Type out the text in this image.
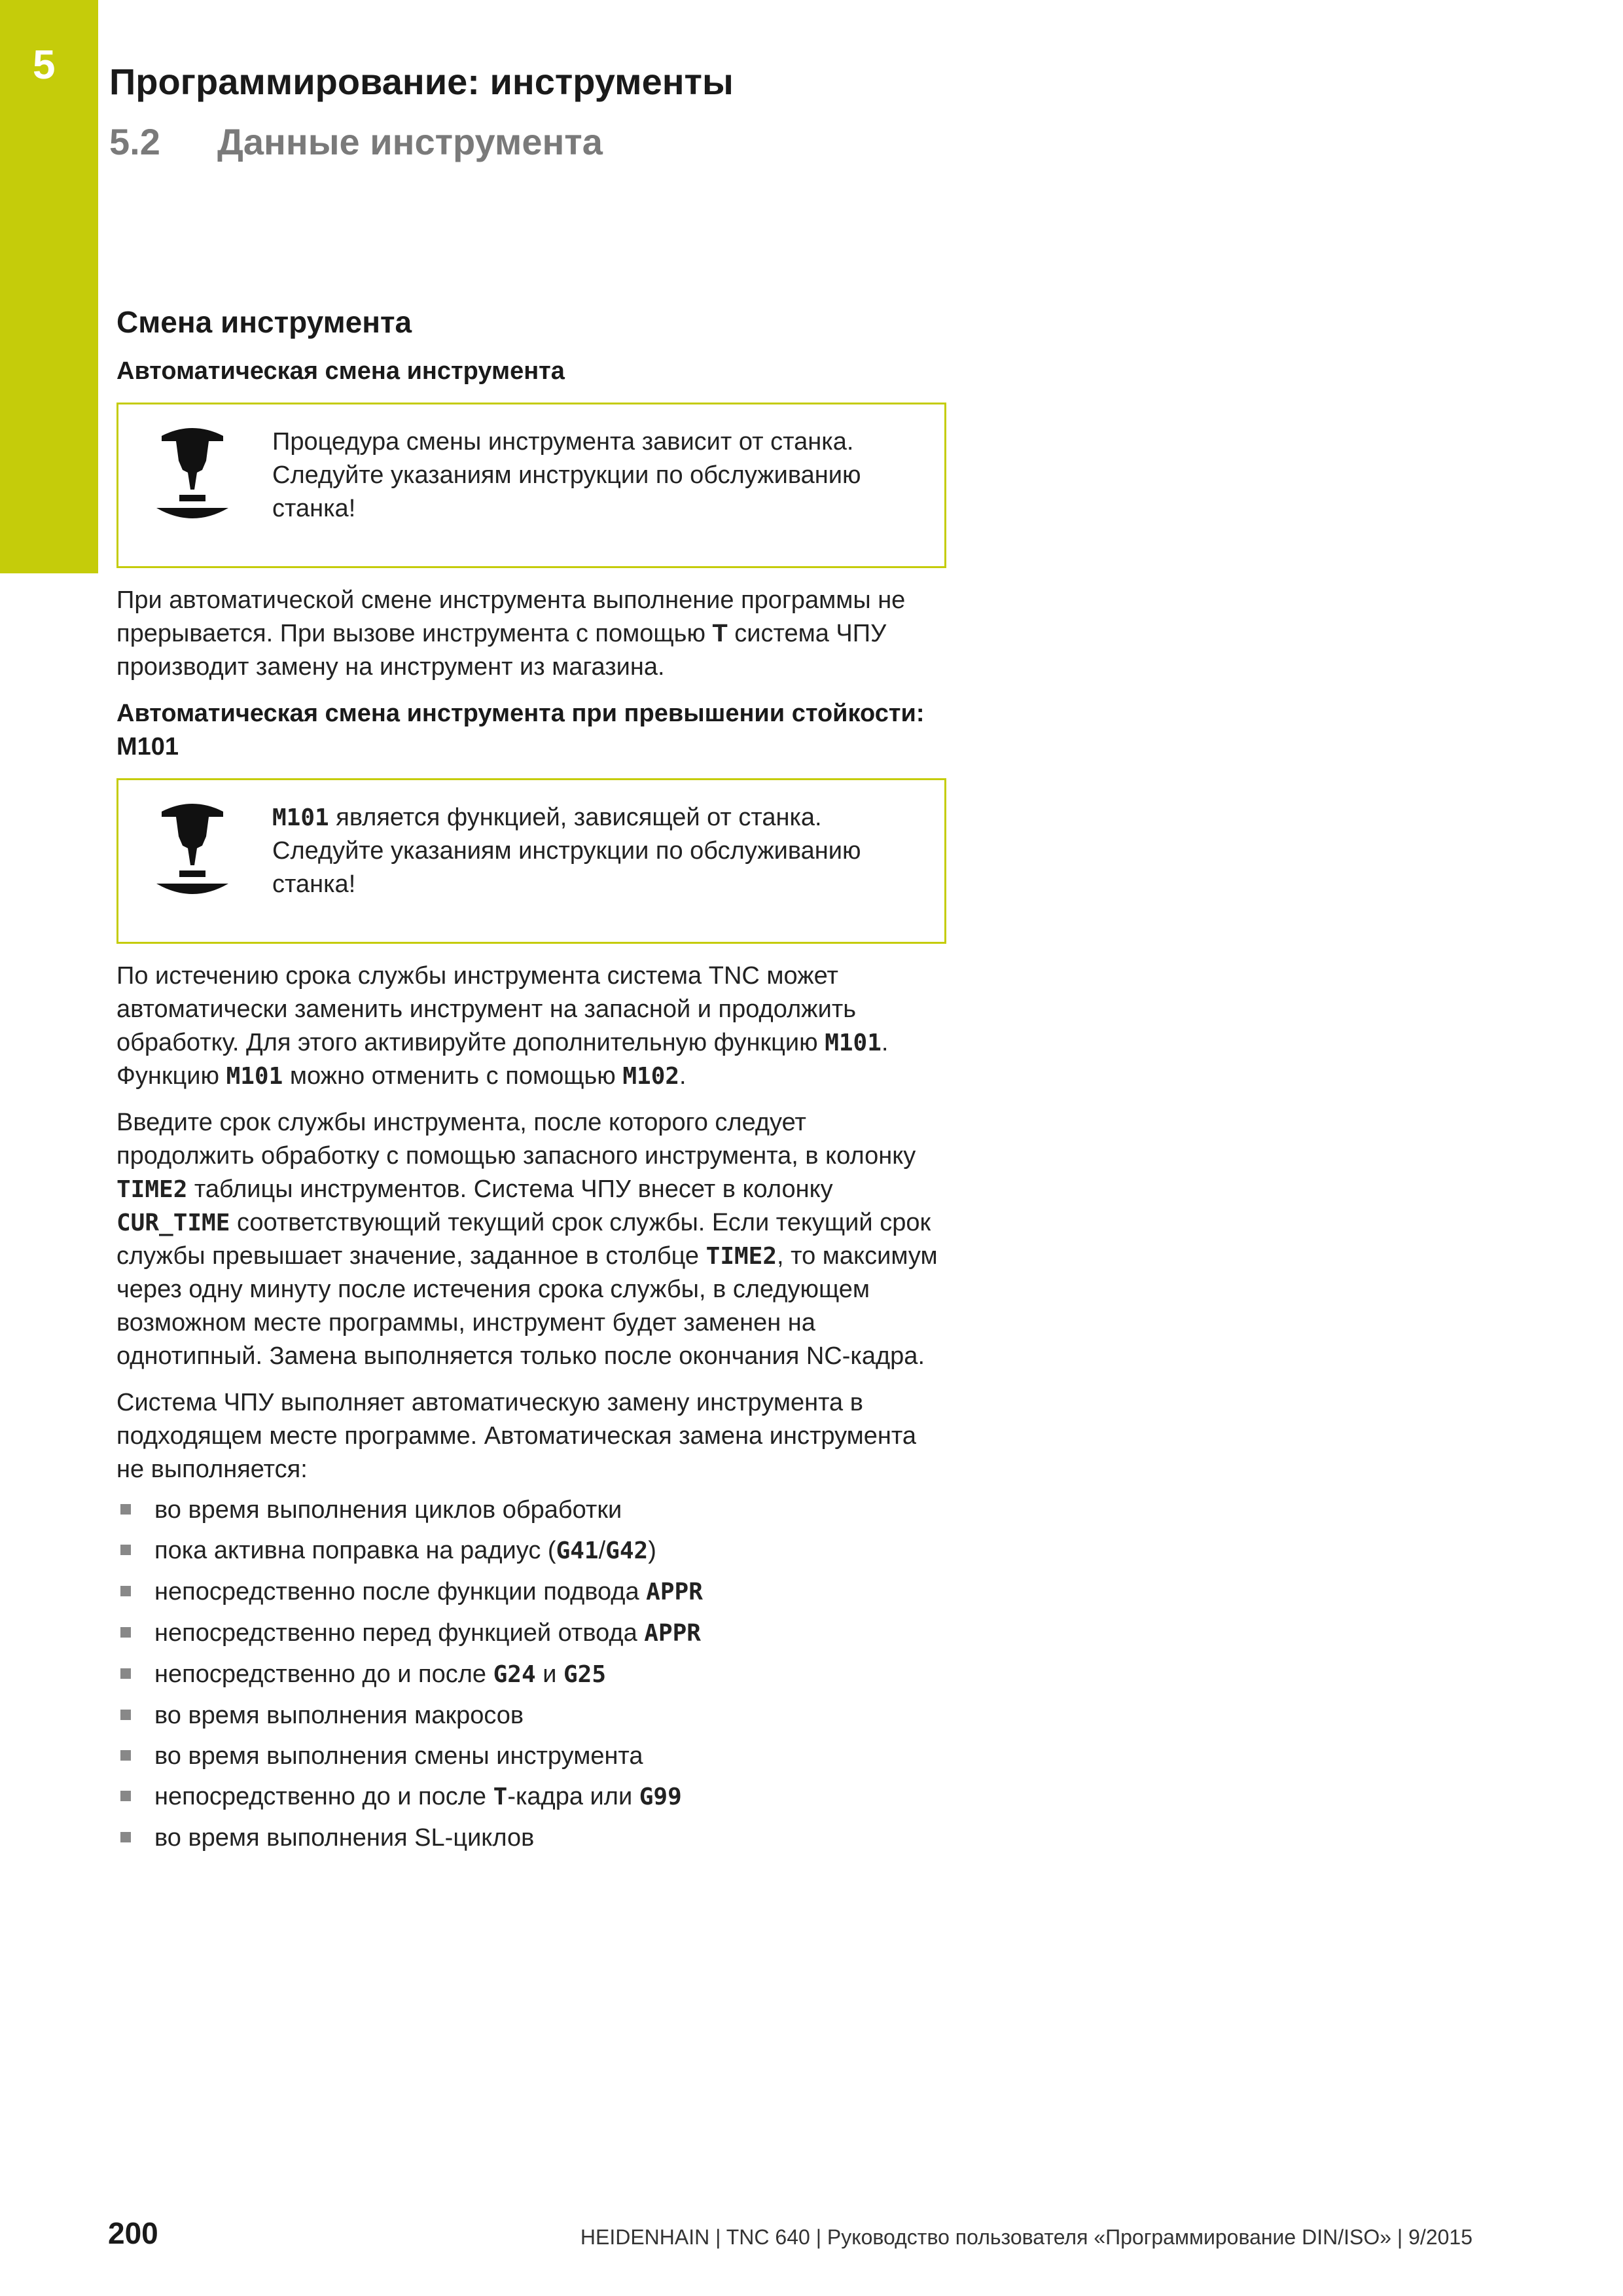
5 Программирование: инструменты
5.2 Данные инструмента
Смена инструмента
Автоматическая смена инструмента
Процедура смены инструмента зависит от станка. Следуйте указаниям инструкции по обслуживанию станка!

При автоматической смене инструмента выполнение программы не прерывается. При вызове инструмента с помощью T система ЧПУ производит замену на инструмент из магазина.

Автоматическая смена инструмента при превышении стойкости: M101
M101 является функцией, зависящей от станка. Следуйте указаниям инструкции по обслуживанию станка!

По истечению срока службы инструмента система TNC может автоматически заменить инструмент на запасной и продолжить обработку. Для этого активируйте дополнительную функцию M101. Функцию M101 можно отменить с помощью M102.

Введите срок службы инструмента, после которого следует продолжить обработку с помощью запасного инструмента, в колонку TIME2 таблицы инструментов. Система ЧПУ внесет в колонку CUR_TIME соответствующий текущий срок службы. Если текущий срок службы превышает значение, заданное в столбце TIME2, то максимум через одну минуту после истечения срока службы, в следующем возможном месте программы, инструмент будет заменен на однотипный. Замена выполняется только после окончания NC-кадра.

Система ЧПУ выполняет автоматическую замену инструмента в подходящем месте программе. Автоматическая замена инструмента не выполняется:

во время выполнения циклов обработки
пока активна поправка на радиус (G41/G42)
непосредственно после функции подвода APPR
непосредственно перед функцией отвода APPR
непосредственно до и после G24 и G25
во время выполнения макросов
во время выполнения смены инструмента
непосредственно до и после T-кадра или G99
во время выполнения SL-циклов
200	HEIDENHAIN | TNC 640 | Руководство пользователя «Программирование DIN/ISO» | 9/2015
